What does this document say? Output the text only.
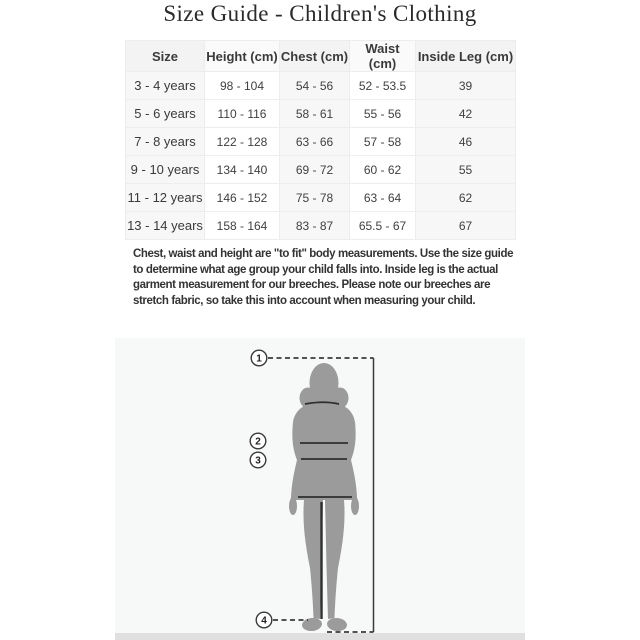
Size Guide - Children's Clothing
Size	Height (cm)	Chest (cm)	Waist (cm)	Inside Leg (cm)
3 - 4 years	98 - 104	54 - 56	52 - 53.5	39
5 - 6 years	110 - 116	58 - 61	55 - 56	42
7 - 8 years	122 - 128	63 - 66	57 - 58	46
9 - 10 years	134 - 140	69 - 72	60 - 62	55
11 - 12 years	146 - 152	75 - 78	63 - 64	62
13 - 14 years	158 - 164	83 - 87	65.5 - 67	67
Chest, waist and height are "to fit" body measurements. Use the size guide to determine what age group your child falls into. Inside leg is the actual garment measurement for our breeches. Please note our breeches are stretch fabric, so take this into account when measuring your child.
1
2
3
4
